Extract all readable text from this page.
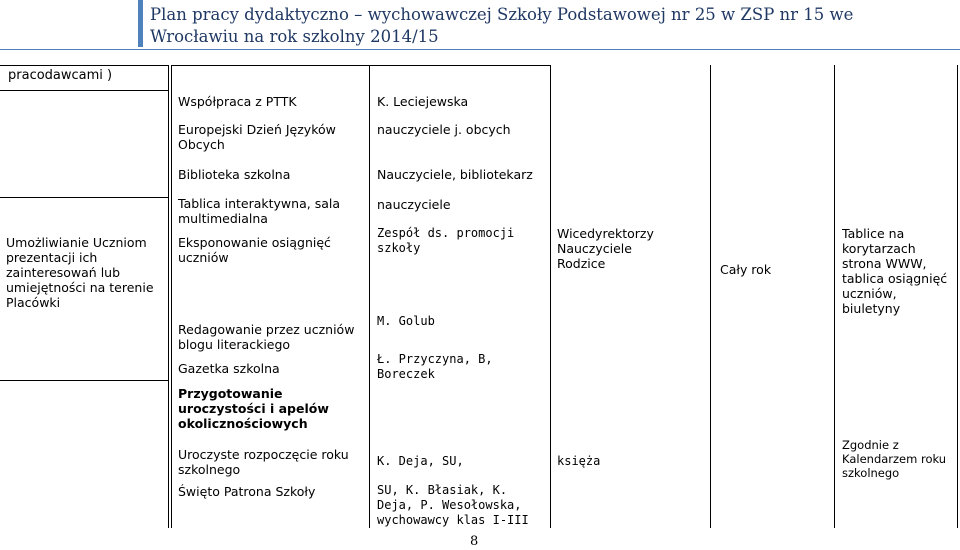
Plan pracy dydaktyczno – wychowawczej Szkoły Podstawowej nr 25 w ZSP nr 15 we Wrocławiu na rok szkolny 2014/15
pracodawcami )
Umożliwianie Uczniom prezentacji ich zainteresowań lub umiejętności na terenie Placówki
Współpraca z PTTK
Europejski Dzień Języków Obcych
Biblioteka szkolna
Tablica interaktywna, sala multimedialna
Eksponowanie osiągnięć uczniów
Redagowanie przez uczniów blogu literackiego
Gazetka szkolna
Przygotowanie uroczystości i apelów okolicznościowych
Uroczyste rozpoczęcie roku szkolnego
Święto Patrona Szkoły
K. Leciejewska
nauczyciele j. obcych
Nauczyciele, bibliotekarz
nauczyciele
Zespół ds. promocji szkoły
M. Golub
Ł. Przyczyna, B, Boreczek
K. Deja, SU,
SU, K. Błasiak, K. Deja, P. Wesołowska, wychowawcy klas I-III
Wicedyrektorzy Nauczyciele Rodzice
księża
Cały rok
Tablice na korytarzach strona WWW, tablica osiągnięć uczniów, biuletyny
Zgodnie z Kalendarzem roku szkolnego
8
